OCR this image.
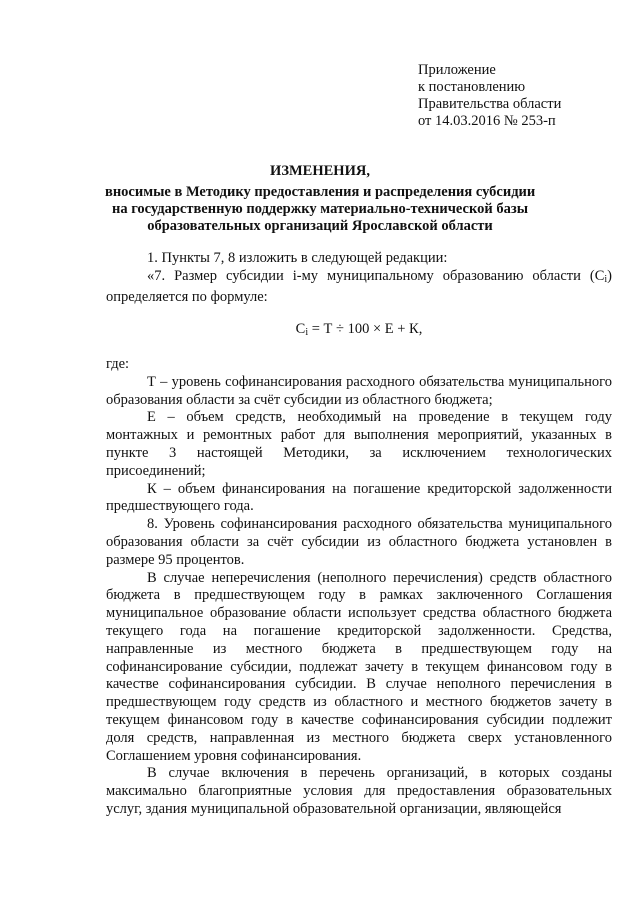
Приложение
к постановлению
Правительства области
от 14.03.2016 № 253-п
ИЗМЕНЕНИЯ,
вносимые в Методику предоставления и распределения субсидии
на государственную поддержку материально-технической базы
образовательных организаций Ярославской области

1. Пункты 7, 8 изложить в следующей редакции:

«7. Размер субсидии i-му муниципальному образованию области $(C_i)$ определяется по формуле:

$C_i = Т \div 100 \times Е + К$,

где:

Т – уровень софинансирования расходного обязательства муниципального образования области за счёт субсидии из областного бюджета;

Е – объем средств, необходимый на проведение в текущем году монтажных и ремонтных работ для выполнения мероприятий, указанных в пункте 3 настоящей Методики, за исключением технологических присоединений;

К – объем финансирования на погашение кредиторской задолженности предшествующего года.

8. Уровень софинансирования расходного обязательства муниципального образования области за счёт субсидии из областного бюджета установлен в размере 95 процентов.

В случае неперечисления (неполного перечисления) средств областного бюджета в предшествующем году в рамках заключенного Соглашения муниципальное образование области использует средства областного бюджета текущего года на погашение кредиторской задолженности. Средства, направленные из местного бюджета в предшествующем году на софинансирование субсидии, подлежат зачету в текущем финансовом году в качестве софинансирования субсидии. В случае неполного перечисления в предшествующем году средств из областного и местного бюджетов зачету в текущем финансовом году в качестве софинансирования субсидии подлежит доля средств, направленная из местного бюджета сверх установленного Соглашением уровня софинансирования.

В случае включения в перечень организаций, в которых созданы максимально благоприятные условия для предоставления образовательных услуг, здания муниципальной образовательной организации, являющейся
